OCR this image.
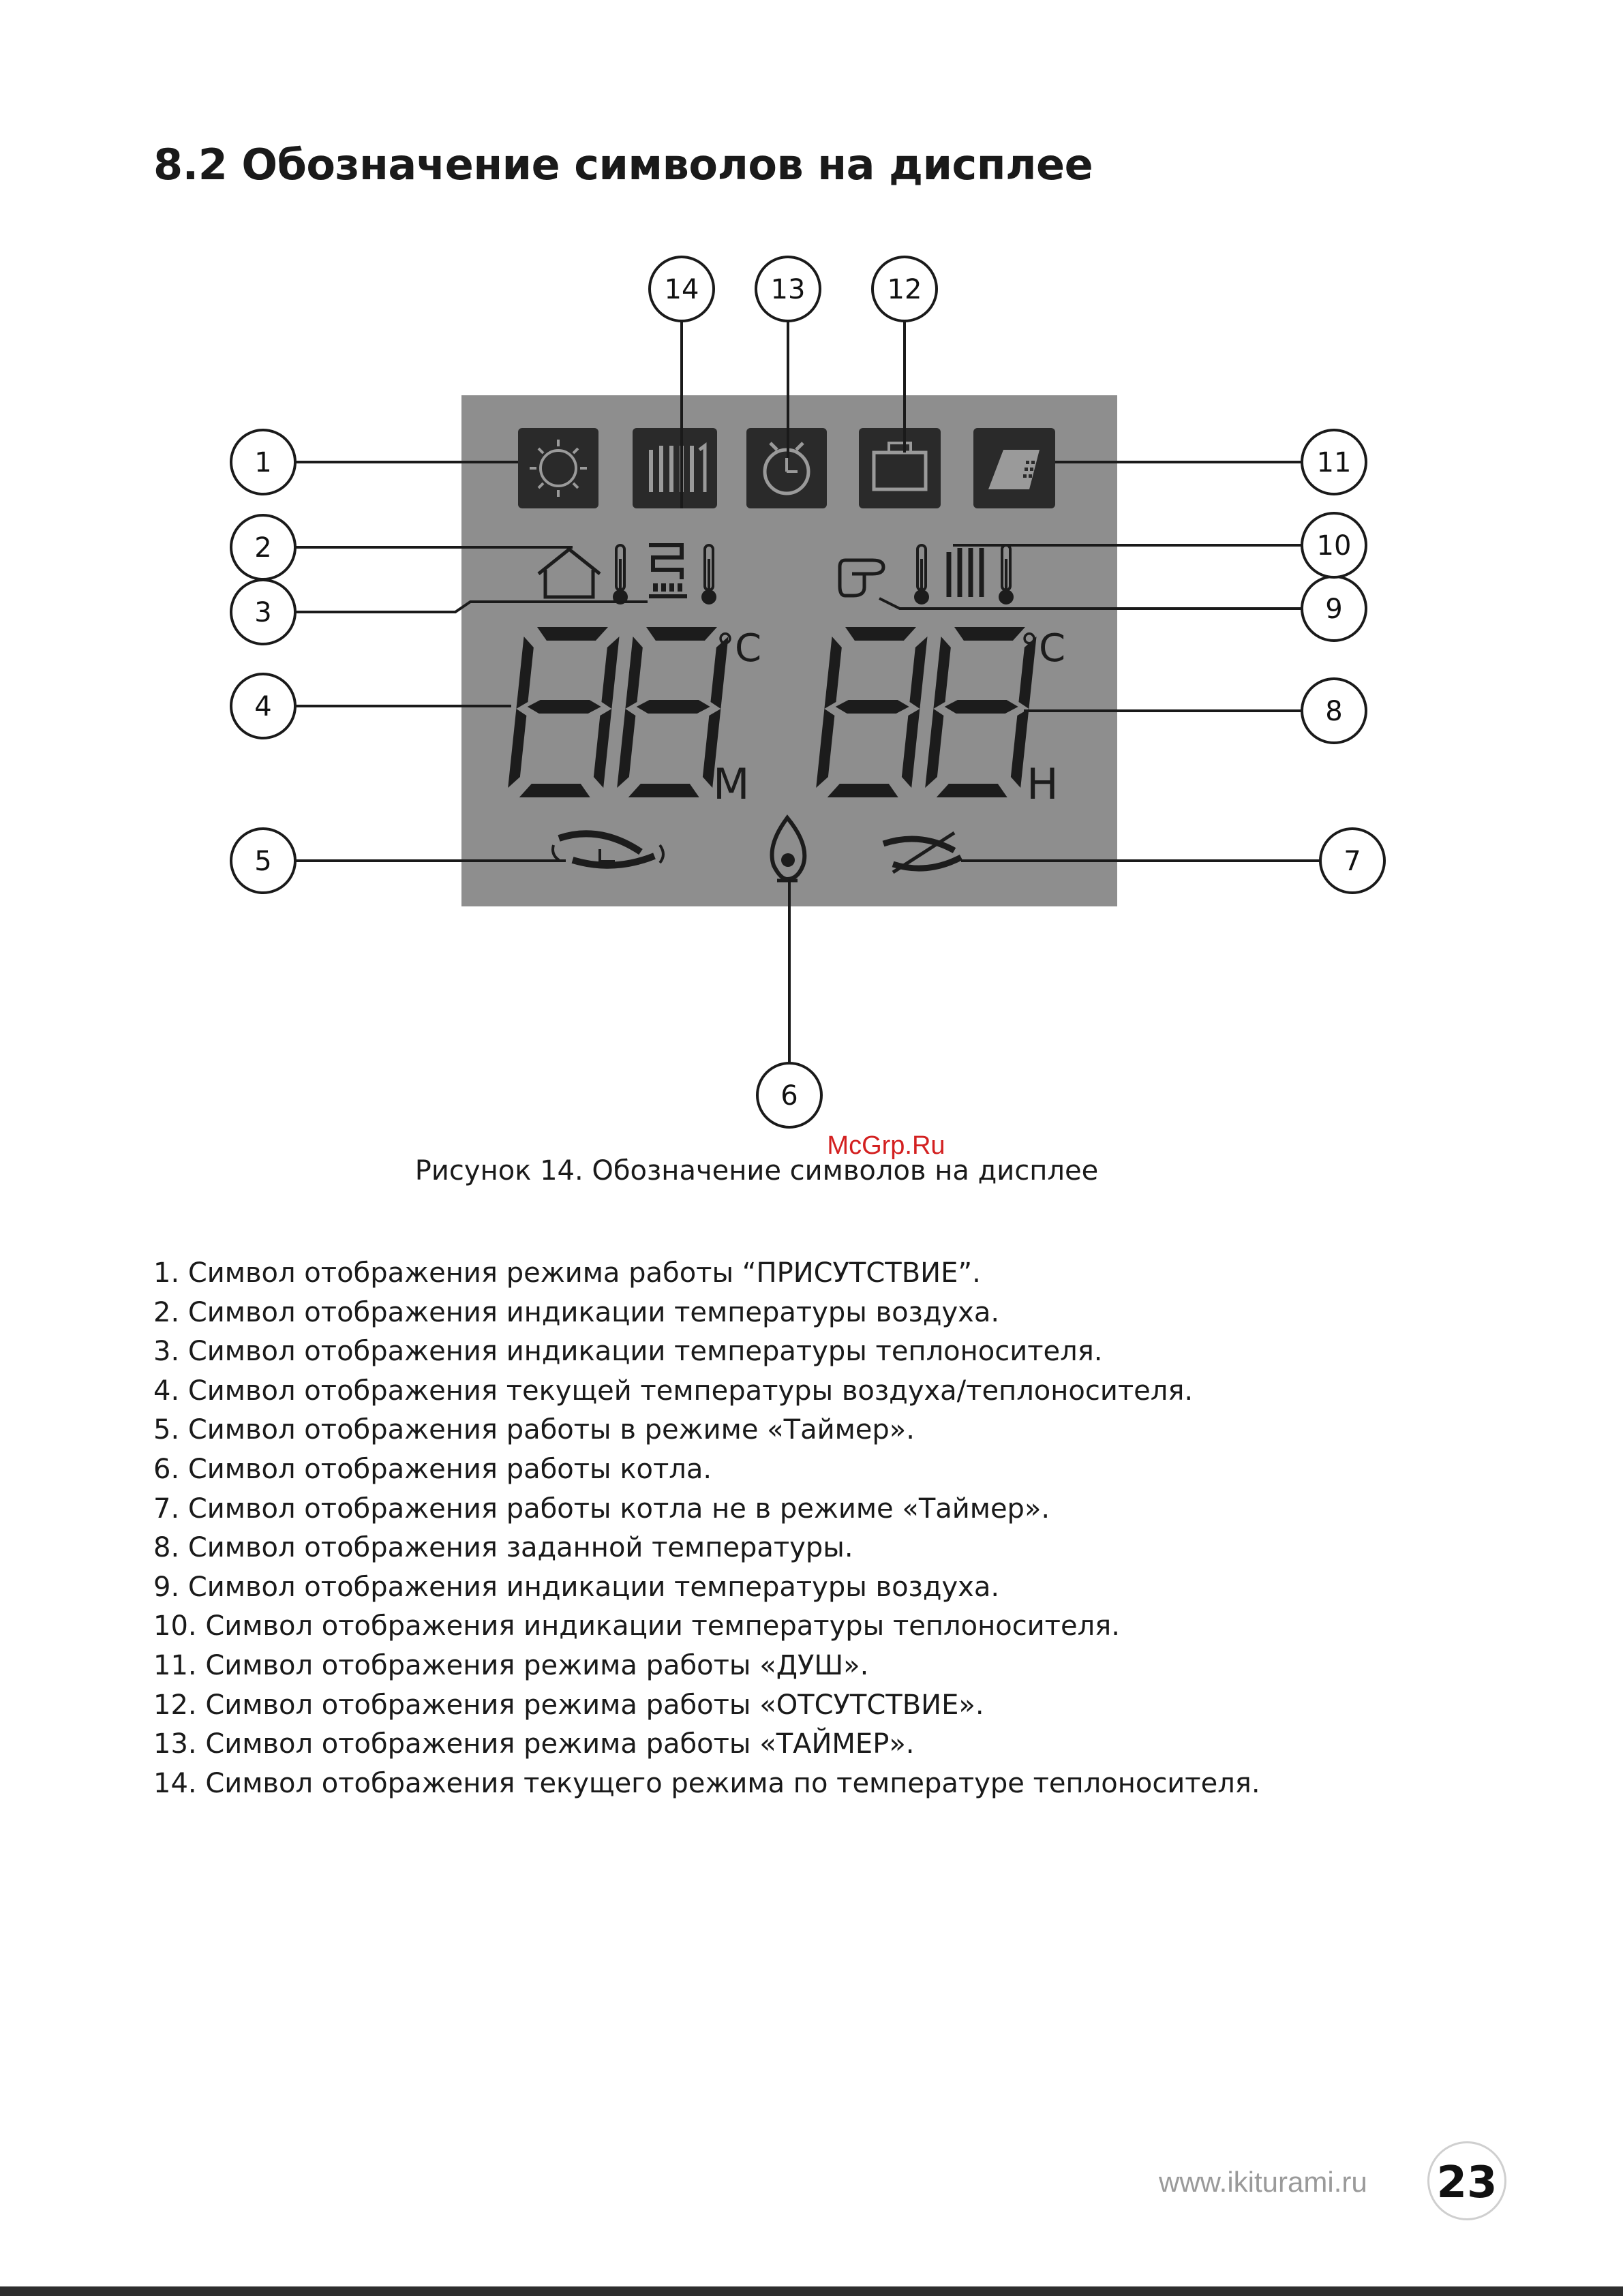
8.2 Обозначение символов на дисплее
°C	°C
M	H
1
2
3
4
5
6
7
8
9
10
11
12
13
14
McGrp.Ru
Рисунок 14. Обозначение символов на дисплее
1. Символ отображения режима работы “ПРИСУТСТВИЕ”.
2. Символ отображения индикации температуры воздуха.
3. Символ отображения индикации температуры теплоносителя.
4. Символ отображения текущей температуры воздуха/теплоносителя.
5. Символ отображения работы в режиме «Таймер».
6. Символ отображения работы котла.
7. Символ отображения работы котла не в режиме «Таймер».
8. Символ отображения заданной температуры.
9. Символ отображения индикации температуры воздуха.
10. Символ отображения индикации температуры теплоносителя.
11. Символ отображения режима работы «ДУШ».
12. Символ отображения режима работы «ОТСУТСТВИЕ».
13. Символ отображения режима работы «ТАЙМЕР».
14. Символ отображения текущего режима по температуре теплоносителя.
www.ikiturami.ru 23
